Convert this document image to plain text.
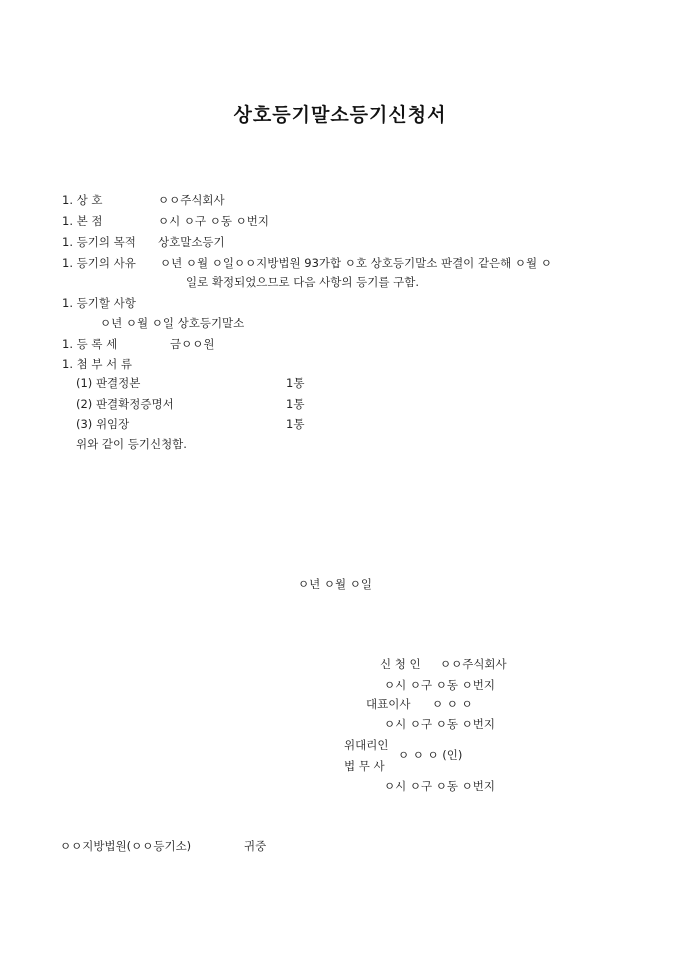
상호등기말소등기신청서
1. 상 호	ㅇㅇ주식회사
1. 본 점	ㅇ시 ㅇ구 ㅇ동 ㅇ번지
1. 등기의 목적 상호말소등기
1. 등기의 사유 ㅇ년 ㅇ월 ㅇ일ㅇㅇ지방법원 93가합 ㅇ호 상호등기말소 판결이 같은해 ㅇ월 ㅇ
일로 확정되었으므로 다음 사항의 등기를 구함.
1. 등기할 사항
ㅇ년 ㅇ월 ㅇ일 상호등기말소
1. 등 록 세	금ㅇㅇ원
1. 첨 부 서 류
(1) 판결정본	1통
(2) 판결확정증명서	1통
(3) 위임장	1통
위와 같이 등기신청함.
ㅇ년 ㅇ월 ㅇ일
신 청 인 ㅇㅇ주식회사
ㅇ시 ㅇ구 ㅇ동 ㅇ번지
대표이사 ㅇ ㅇ ㅇ
ㅇ시 ㅇ구 ㅇ동 ㅇ번지
위대리인
ㅇ ㅇ ㅇ (인)
법 무 사
ㅇ시 ㅇ구 ㅇ동 ㅇ번지
ㅇㅇ지방법원(ㅇㅇ등기소)	귀중
